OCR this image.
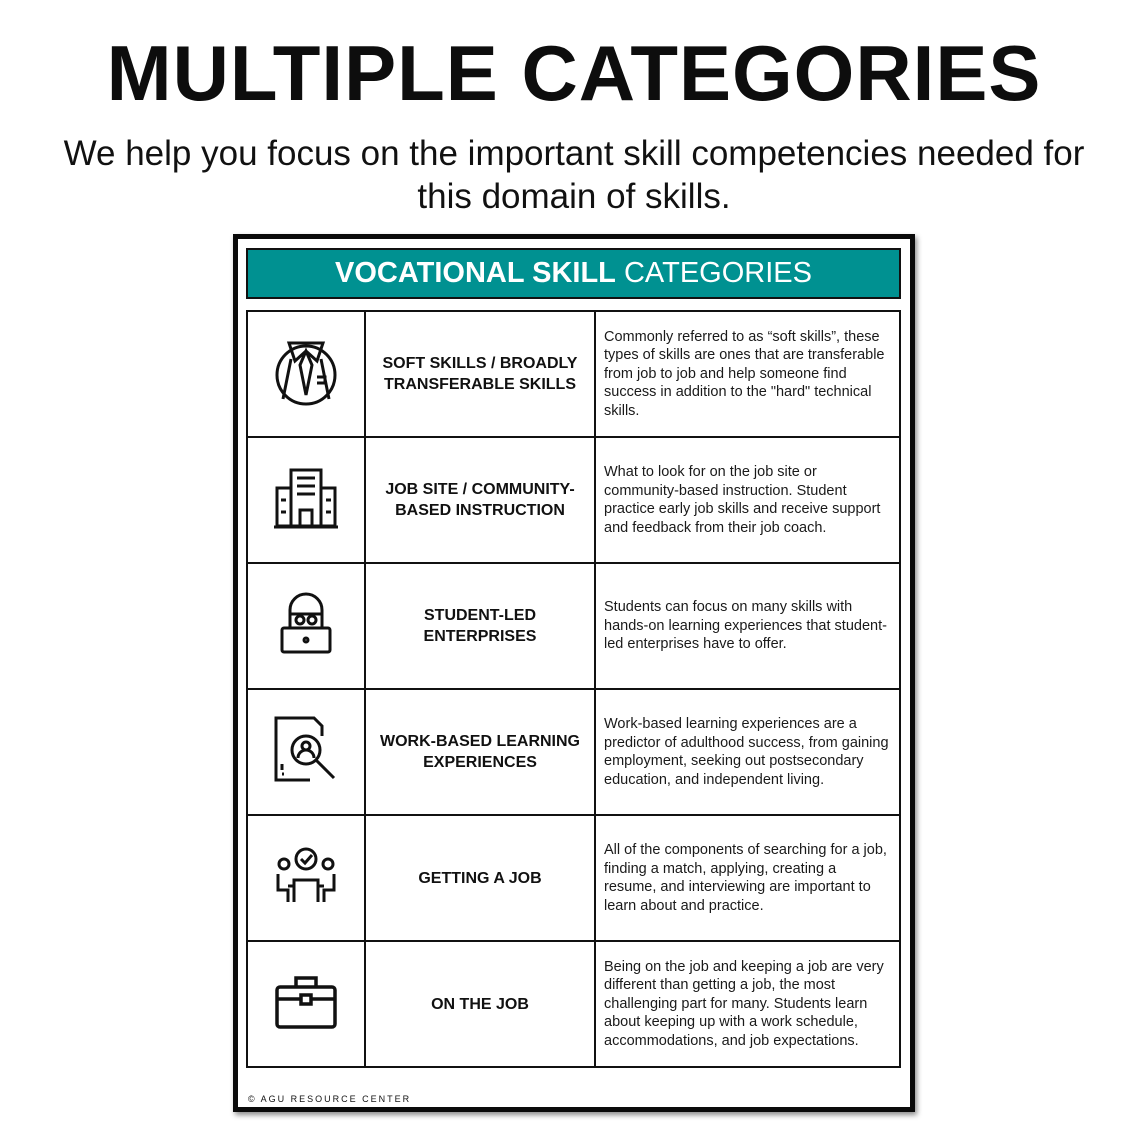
MULTIPLE CATEGORIES
We help you focus on the important skill competencies needed for this domain of skills.
VOCATIONAL SKILL CATEGORIES
	SOFT SKILLS / BROADLY TRANSFERABLE SKILLS	Commonly referred to as “soft skills”, these types of skills are ones that are transferable from job to job and help someone find success in addition to the "hard" technical skills.
	JOB SITE / COMMUNITY- BASED INSTRUCTION	What to look for on the job site or community-based instruction. Student practice early job skills and receive support and feedback from their job coach.
	STUDENT-LED ENTERPRISES	Students can focus on many skills with hands-on learning experiences that student-led enterprises have to offer.
	WORK-BASED LEARNING EXPERIENCES	Work-based learning experiences are a predictor of adulthood success, from gaining employment, seeking out postsecondary education, and independent living.
	GETTING A JOB	All of the components of searching for a job, finding a match, applying, creating a resume, and interviewing are important to learn about and practice.
	ON THE JOB	Being on the job and keeping a job are very different than getting a job, the most challenging part for many. Students learn about keeping up with a work schedule, accommodations, and job expectations.
© AGU RESOURCE CENTER
